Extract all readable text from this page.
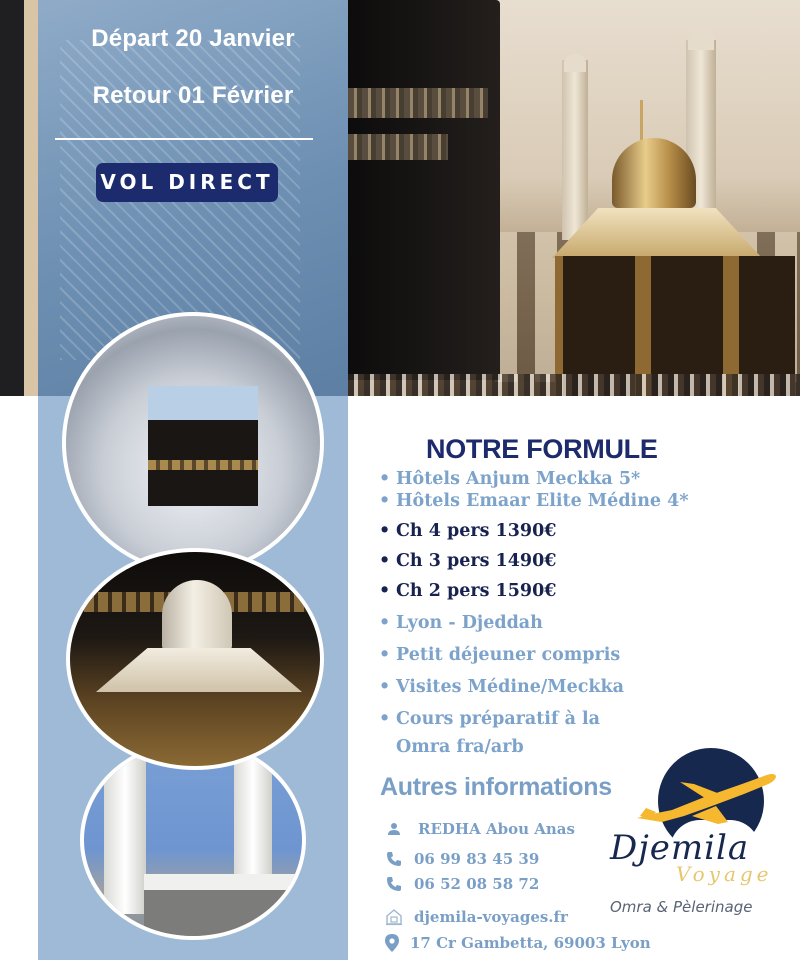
Départ 20 Janvier
Retour 01 Février
VOL DIRECT
NOTRE FORMULE
• Hôtels Anjum Meckka 5*
• Hôtels Emaar Elite Médine 4*
• Ch 4 pers 1390€
• Ch 3 pers 1490€
• Ch 2 pers 1590€
• Lyon - Djeddah
• Petit déjeuner compris
• Visites Médine/Meckka
• Cours préparatif à la
Omra fra/arb
Autres informations
REDHA Abou Anas
06 99 83 45 39
06 52 08 58 72
djemila-voyages.fr
17 Cr Gambetta, 69003 Lyon
Djemila
Voyage
Omra & Pèlerinage
